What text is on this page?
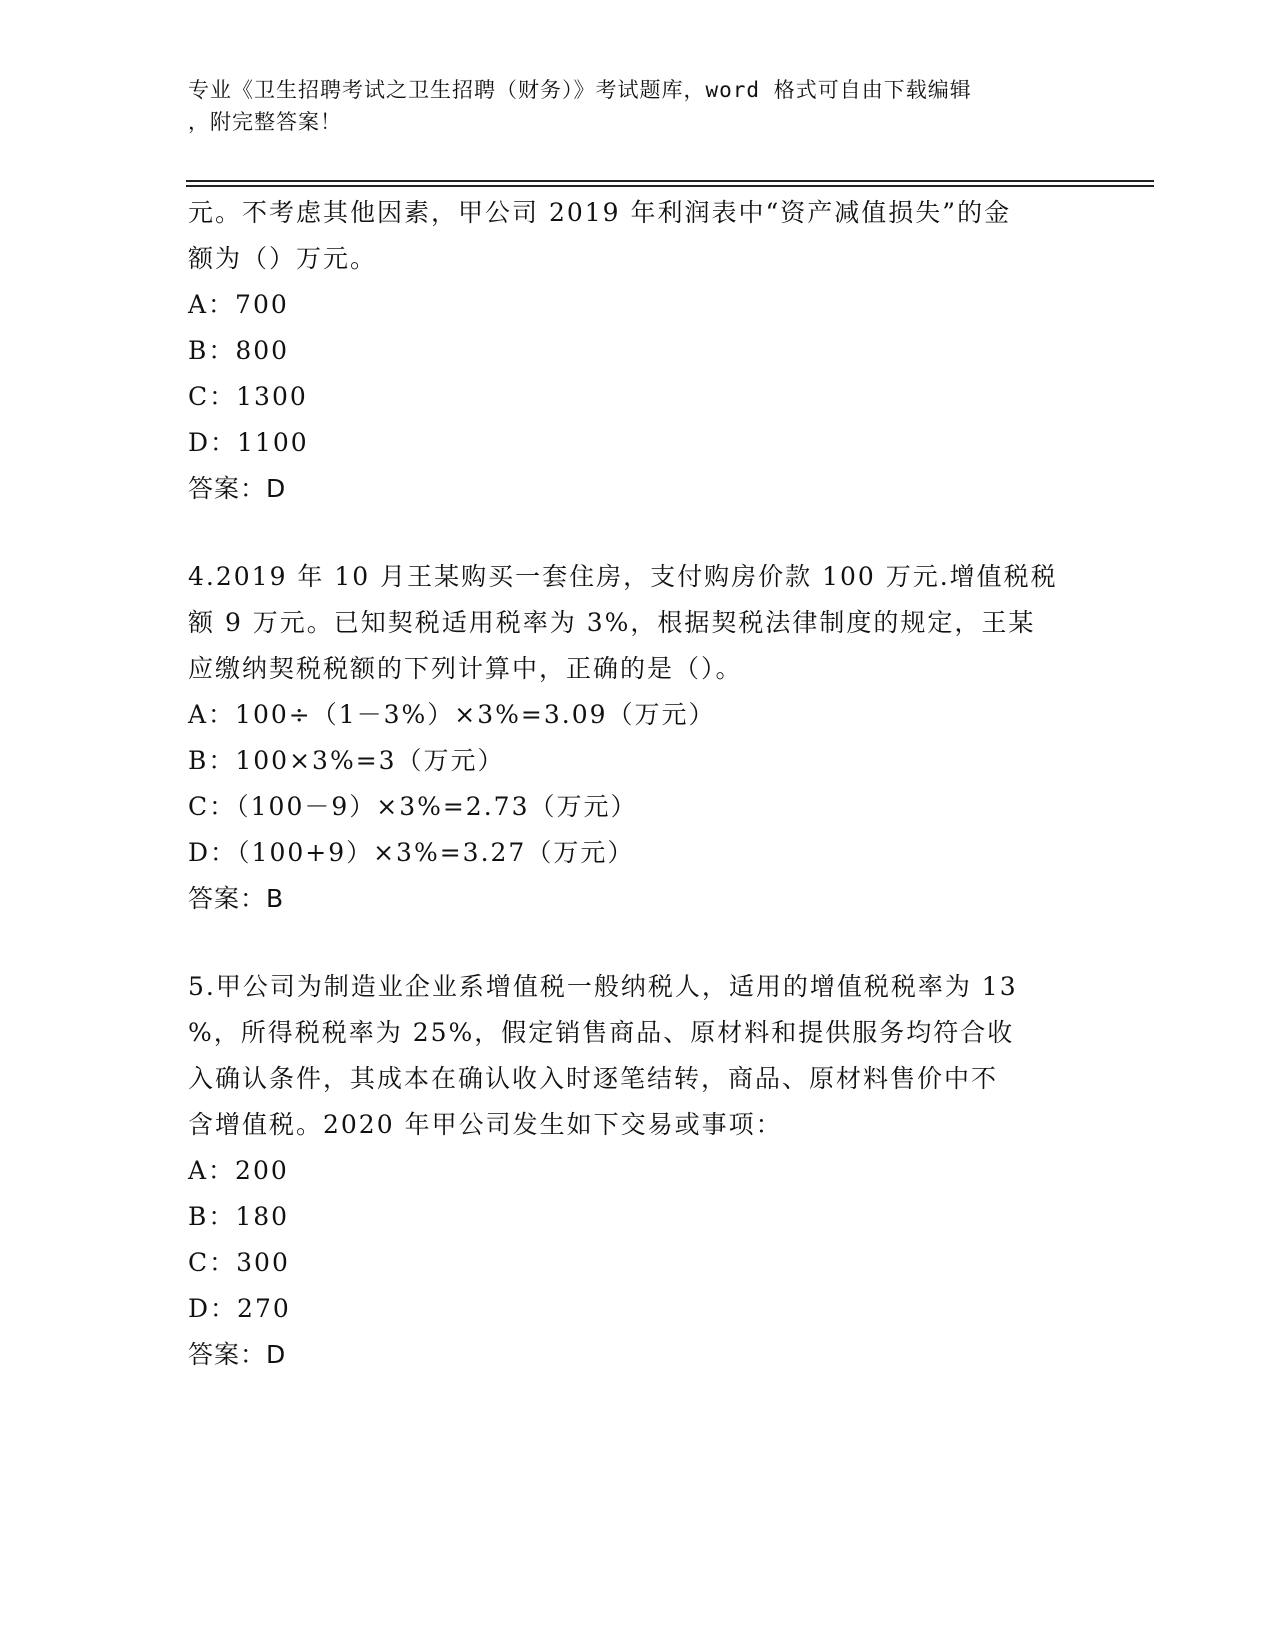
专业《卫生招聘考试之卫生招聘（财务）》考试题库，word 格式可自由下载编辑
，附完整答案！

元。不考虑其他因素，甲公司 2019 年利润表中“资产减值损失”的金

额为（）万元。

A：700

B：800

C：1300

D：1100

答案：D

4.2019 年 10 月王某购买一套住房，支付购房价款 100 万元.增值税税

额 9 万元。已知契税适用税率为 3%，根据契税法律制度的规定，王某

应缴纳契税税额的下列计算中，正确的是（）。

A：100÷（1－3%）×3%=3.09（万元）

B：100×3%=3（万元）

C：（100－9）×3%=2.73（万元）

D：（100+9）×3%=3.27（万元）

答案：B

5.甲公司为制造业企业系增值税一般纳税人，适用的增值税税率为 13

%，所得税税率为 25%，假定销售商品、原材料和提供服务均符合收

入确认条件，其成本在确认收入时逐笔结转，商品、原材料售价中不

含增值税。2020 年甲公司发生如下交易或事项：

A：200

B：180

C：300

D：270

答案：D
